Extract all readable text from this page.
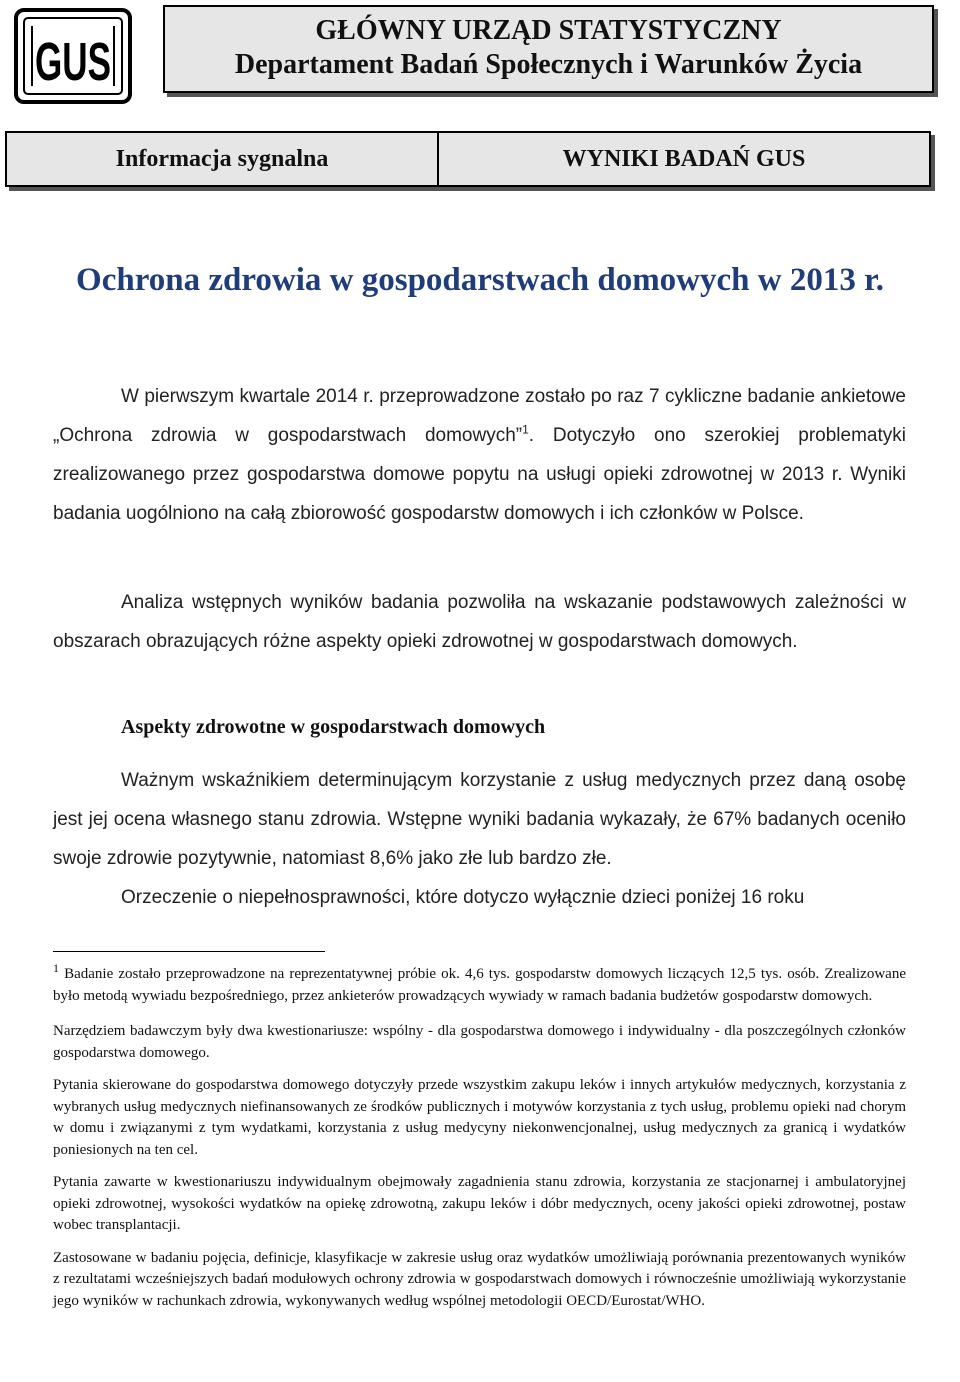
GUS
GŁÓWNY URZĄD STATYSTYCZNY
Departament Badań Społecznych i Warunków Życia
Informacja sygnalna	WYNIKI BADAŃ GUS
Ochrona zdrowia w gospodarstwach domowych w 2013 r.
W pierwszym kwartale 2014 r. przeprowadzone zostało po raz 7 cykliczne badanie ankietowe „Ochrona zdrowia w gospodarstwach domowych”$^1$. Dotyczyło ono szerokiej problematyki zrealizowanego przez gospodarstwa domowe popytu na usługi opieki zdrowotnej w 2013 r. Wyniki badania uogólniono na całą zbiorowość gospodarstw domowych i ich członków w Polsce.
Analiza wstępnych wyników badania pozwoliła na wskazanie podstawowych zależności w obszarach obrazujących różne aspekty opieki zdrowotnej w gospodarstwach domowych.
Aspekty zdrowotne w gospodarstwach domowych
Ważnym wskaźnikiem determinującym korzystanie z usług medycznych przez daną osobę jest jej ocena własnego stanu zdrowia. Wstępne wyniki badania wykazały, że 67% badanych oceniło swoje zdrowie pozytywnie, natomiast 8,6% jako złe lub bardzo złe.
Orzeczenie o niepełnosprawności, które dotyczo wyłącznie dzieci poniżej 16 roku

$^1$ Badanie zostało przeprowadzone na reprezentatywnej próbie ok. 4,6 tys. gospodarstw domowych liczących 12,5 tys. osób. Zrealizowane było metodą wywiadu bezpośredniego, przez ankieterów prowadzących wywiady w ramach badania budżetów gospodarstw domowych.

Narzędziem badawczym były dwa kwestionariusze: wspólny - dla gospodarstwa domowego i indywidualny - dla poszczególnych członków gospodarstwa domowego.

Pytania skierowane do gospodarstwa domowego dotyczyły przede wszystkim zakupu leków i innych artykułów medycznych, korzystania z wybranych usług medycznych niefinansowanych ze środków publicznych i motywów korzystania z tych usług, problemu opieki nad chorym w domu i związanymi z tym wydatkami, korzystania z usług medycyny niekonwencjonalnej, usług medycznych za granicą i wydatków poniesionych na ten cel.

Pytania zawarte w kwestionariuszu indywidualnym obejmowały zagadnienia stanu zdrowia, korzystania ze stacjonarnej i ambulatoryjnej opieki zdrowotnej, wysokości wydatków na opiekę zdrowotną, zakupu leków i dóbr medycznych, oceny jakości opieki zdrowotnej, postaw wobec transplantacji.

Zastosowane w badaniu pojęcia, definicje, klasyfikacje w zakresie usług oraz wydatków umożliwiają porównania prezentowanych wyników z rezultatami wcześniejszych badań modułowych ochrony zdrowia w gospodarstwach domowych i równocześnie umożliwiają wykorzystanie jego wyników w rachunkach zdrowia, wykonywanych według wspólnej metodologii OECD/Eurostat/WHO.
